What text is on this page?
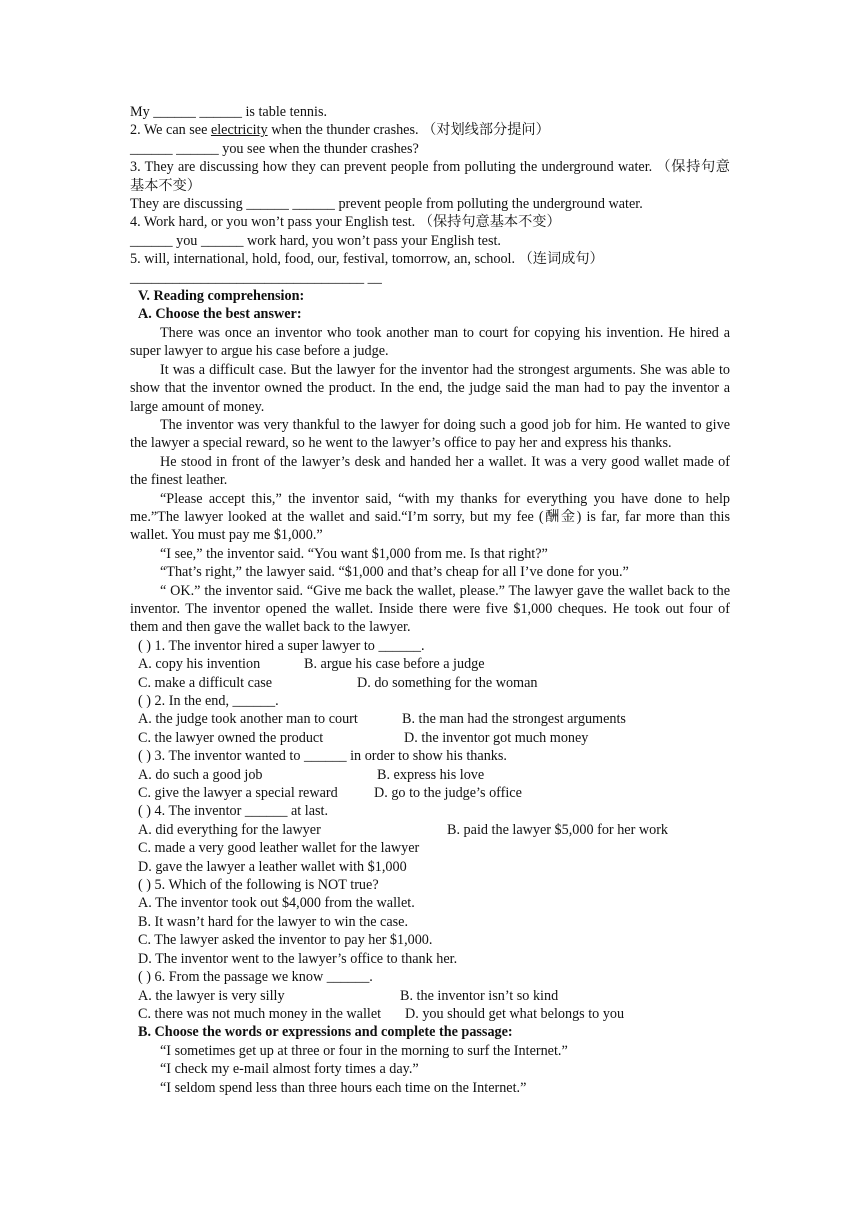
My ______ ______ is table tennis.
2. We can see electricity when the thunder crashes. （对划线部分提问）
______ ______ you see when the thunder crashes?
3. They are discussing how they can prevent people from polluting the underground water. （保持句意基本不变）
They are discussing ______ ______ prevent people from polluting the underground water.
4. Work hard, or you won’t pass your English test. （保持句意基本不变）
______ you ______ work hard, you won’t pass your English test.
5. will, international, hold, food, our, festival, tomorrow, an, school. （连词成句）
_________________________________ __
V. Reading comprehension:
A. Choose the best answer:
There was once an inventor who took another man to court for copying his invention. He hired a super lawyer to argue his case before a judge.
It was a difficult case. But the lawyer for the inventor had the strongest arguments. She was able to show that the inventor owned the product. In the end, the judge said the man had to pay the inventor a large amount of money.
The inventor was very thankful to the lawyer for doing such a good job for him. He wanted to give the lawyer a special reward, so he went to the lawyer’s office to pay her and express his thanks.
He stood in front of the lawyer’s desk and handed her a wallet. It was a very good wallet made of the finest leather.
“Please accept this,” the inventor said, “with my thanks for everything you have done to help me.”The lawyer looked at the wallet and said.“I’m sorry, but my fee (酬金) is far, far more than this wallet. You must pay me $1,000.”
“I see,” the inventor said. “You want $1,000 from me. Is that right?”
“That’s right,” the lawyer said. “$1,000 and that’s cheap for all I’ve done for you.”
“ OK.” the inventor said. “Give me back the wallet, please.” The lawyer gave the wallet back to the inventor. The inventor opened the wallet. Inside there were five $1,000 cheques. He took out four of them and then gave the wallet back to the lawyer.
( ) 1. The inventor hired a super lawyer to ______.
A. copy his invention	B. argue his case before a judge
C. make a difficult case	D. do something for the woman
( ) 2. In the end, ______.
A. the judge took another man to court	B. the man had the strongest arguments
C. the lawyer owned the product	D. the inventor got much money
( ) 3. The inventor wanted to ______ in order to show his thanks.
A. do such a good job	B. express his love
C. give the lawyer a special reward	D. go to the judge’s office
( ) 4. The inventor ______ at last.
A. did everything for the lawyer	B. paid the lawyer $5,000 for her work
C. made a very good leather wallet for the lawyer
D. gave the lawyer a leather wallet with $1,000
( ) 5. Which of the following is NOT true?
A. The inventor took out $4,000 from the wallet.
B. It wasn’t hard for the lawyer to win the case.
C. The lawyer asked the inventor to pay her $1,000.
D. The inventor went to the lawyer’s office to thank her.
( ) 6. From the passage we know ______.
A. the lawyer is very silly	B. the inventor isn’t so kind
C. there was not much money in the wallet	D. you should get what belongs to you
B. Choose the words or expressions and complete the passage:
“I sometimes get up at three or four in the morning to surf the Internet.”
“I check my e-mail almost forty times a day.”
“I seldom spend less than three hours each time on the Internet.”
